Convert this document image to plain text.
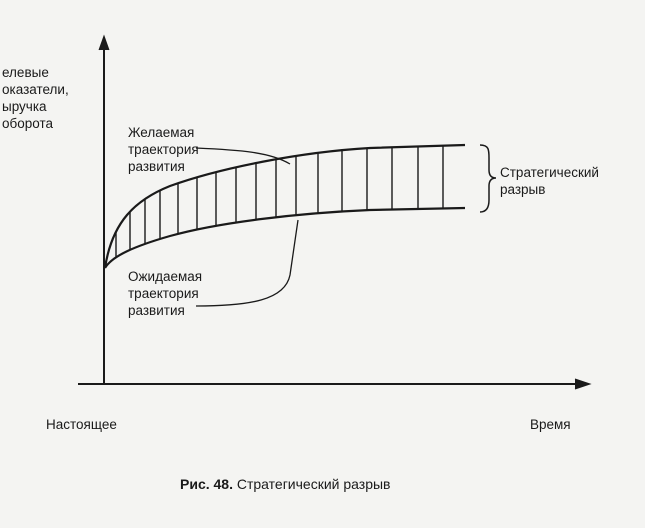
елевые
оказатели,
ыручка
оборота
Желаемая
траектория
развития
Ожидаемая
траектория
развития
Стратегический
разрыв
Настоящее	Время
Рис. 48. Стратегический разрыв
